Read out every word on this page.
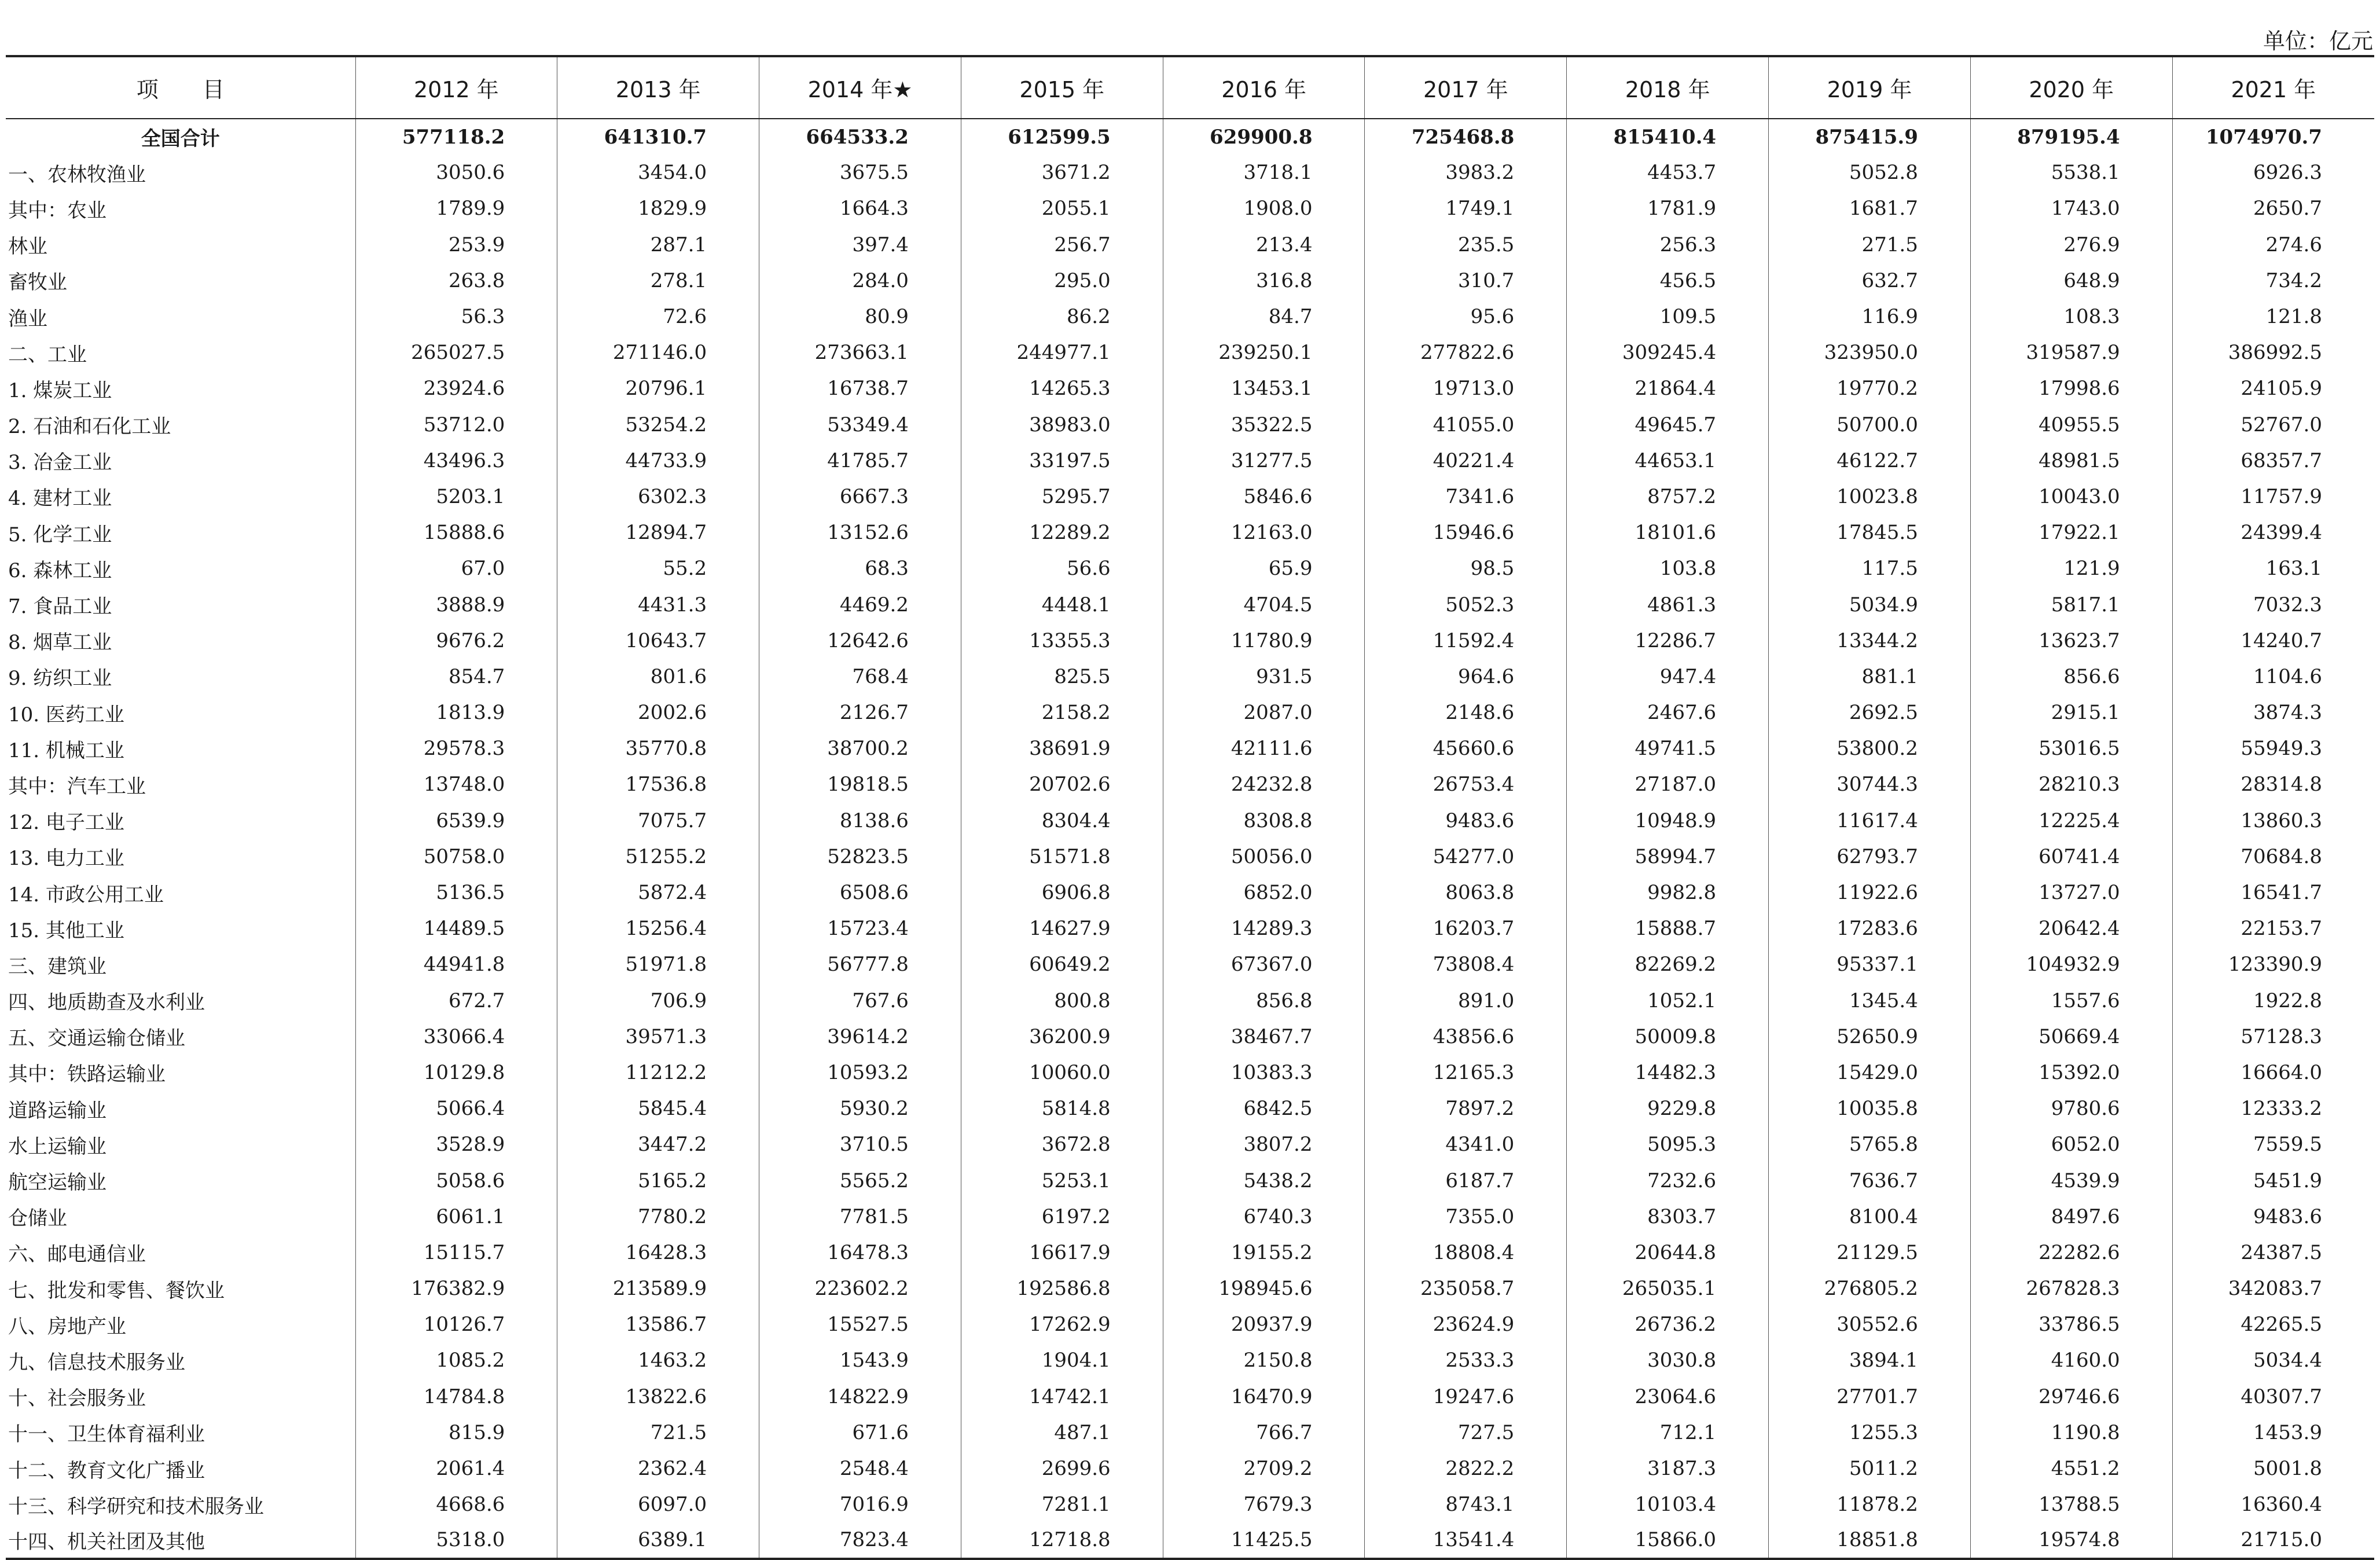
单位：亿元
项　　目	2012 年	2013 年	2014 年★	2015 年	2016 年	2017 年	2018 年	2019 年	2020 年	2021 年
全国合计	577118.2	641310.7	664533.2	612599.5	629900.8	725468.8	815410.4	875415.9	879195.4	1074970.7
一、农林牧渔业	3050.6	3454.0	3675.5	3671.2	3718.1	3983.2	4453.7	5052.8	5538.1	6926.3
其中：农业	1789.9	1829.9	1664.3	2055.1	1908.0	1749.1	1781.9	1681.7	1743.0	2650.7
林业	253.9	287.1	397.4	256.7	213.4	235.5	256.3	271.5	276.9	274.6
畜牧业	263.8	278.1	284.0	295.0	316.8	310.7	456.5	632.7	648.9	734.2
渔业	56.3	72.6	80.9	86.2	84.7	95.6	109.5	116.9	108.3	121.8
二、工业	265027.5	271146.0	273663.1	244977.1	239250.1	277822.6	309245.4	323950.0	319587.9	386992.5
1. 煤炭工业	23924.6	20796.1	16738.7	14265.3	13453.1	19713.0	21864.4	19770.2	17998.6	24105.9
2. 石油和石化工业	53712.0	53254.2	53349.4	38983.0	35322.5	41055.0	49645.7	50700.0	40955.5	52767.0
3. 冶金工业	43496.3	44733.9	41785.7	33197.5	31277.5	40221.4	44653.1	46122.7	48981.5	68357.7
4. 建材工业	5203.1	6302.3	6667.3	5295.7	5846.6	7341.6	8757.2	10023.8	10043.0	11757.9
5. 化学工业	15888.6	12894.7	13152.6	12289.2	12163.0	15946.6	18101.6	17845.5	17922.1	24399.4
6. 森林工业	67.0	55.2	68.3	56.6	65.9	98.5	103.8	117.5	121.9	163.1
7. 食品工业	3888.9	4431.3	4469.2	4448.1	4704.5	5052.3	4861.3	5034.9	5817.1	7032.3
8. 烟草工业	9676.2	10643.7	12642.6	13355.3	11780.9	11592.4	12286.7	13344.2	13623.7	14240.7
9. 纺织工业	854.7	801.6	768.4	825.5	931.5	964.6	947.4	881.1	856.6	1104.6
10. 医药工业	1813.9	2002.6	2126.7	2158.2	2087.0	2148.6	2467.6	2692.5	2915.1	3874.3
11. 机械工业	29578.3	35770.8	38700.2	38691.9	42111.6	45660.6	49741.5	53800.2	53016.5	55949.3
其中：汽车工业	13748.0	17536.8	19818.5	20702.6	24232.8	26753.4	27187.0	30744.3	28210.3	28314.8
12. 电子工业	6539.9	7075.7	8138.6	8304.4	8308.8	9483.6	10948.9	11617.4	12225.4	13860.3
13. 电力工业	50758.0	51255.2	52823.5	51571.8	50056.0	54277.0	58994.7	62793.7	60741.4	70684.8
14. 市政公用工业	5136.5	5872.4	6508.6	6906.8	6852.0	8063.8	9982.8	11922.6	13727.0	16541.7
15. 其他工业	14489.5	15256.4	15723.4	14627.9	14289.3	16203.7	15888.7	17283.6	20642.4	22153.7
三、建筑业	44941.8	51971.8	56777.8	60649.2	67367.0	73808.4	82269.2	95337.1	104932.9	123390.9
四、地质勘查及水利业	672.7	706.9	767.6	800.8	856.8	891.0	1052.1	1345.4	1557.6	1922.8
五、交通运输仓储业	33066.4	39571.3	39614.2	36200.9	38467.7	43856.6	50009.8	52650.9	50669.4	57128.3
其中：铁路运输业	10129.8	11212.2	10593.2	10060.0	10383.3	12165.3	14482.3	15429.0	15392.0	16664.0
道路运输业	5066.4	5845.4	5930.2	5814.8	6842.5	7897.2	9229.8	10035.8	9780.6	12333.2
水上运输业	3528.9	3447.2	3710.5	3672.8	3807.2	4341.0	5095.3	5765.8	6052.0	7559.5
航空运输业	5058.6	5165.2	5565.2	5253.1	5438.2	6187.7	7232.6	7636.7	4539.9	5451.9
仓储业	6061.1	7780.2	7781.5	6197.2	6740.3	7355.0	8303.7	8100.4	8497.6	9483.6
六、邮电通信业	15115.7	16428.3	16478.3	16617.9	19155.2	18808.4	20644.8	21129.5	22282.6	24387.5
七、批发和零售、餐饮业	176382.9	213589.9	223602.2	192586.8	198945.6	235058.7	265035.1	276805.2	267828.3	342083.7
八、房地产业	10126.7	13586.7	15527.5	17262.9	20937.9	23624.9	26736.2	30552.6	33786.5	42265.5
九、信息技术服务业	1085.2	1463.2	1543.9	1904.1	2150.8	2533.3	3030.8	3894.1	4160.0	5034.4
十、社会服务业	14784.8	13822.6	14822.9	14742.1	16470.9	19247.6	23064.6	27701.7	29746.6	40307.7
十一、卫生体育福利业	815.9	721.5	671.6	487.1	766.7	727.5	712.1	1255.3	1190.8	1453.9
十二、教育文化广播业	2061.4	2362.4	2548.4	2699.6	2709.2	2822.2	3187.3	5011.2	4551.2	5001.8
十三、科学研究和技术服务业	4668.6	6097.0	7016.9	7281.1	7679.3	8743.1	10103.4	11878.2	13788.5	16360.4
十四、机关社团及其他	5318.0	6389.1	7823.4	12718.8	11425.5	13541.4	15866.0	18851.8	19574.8	21715.0
